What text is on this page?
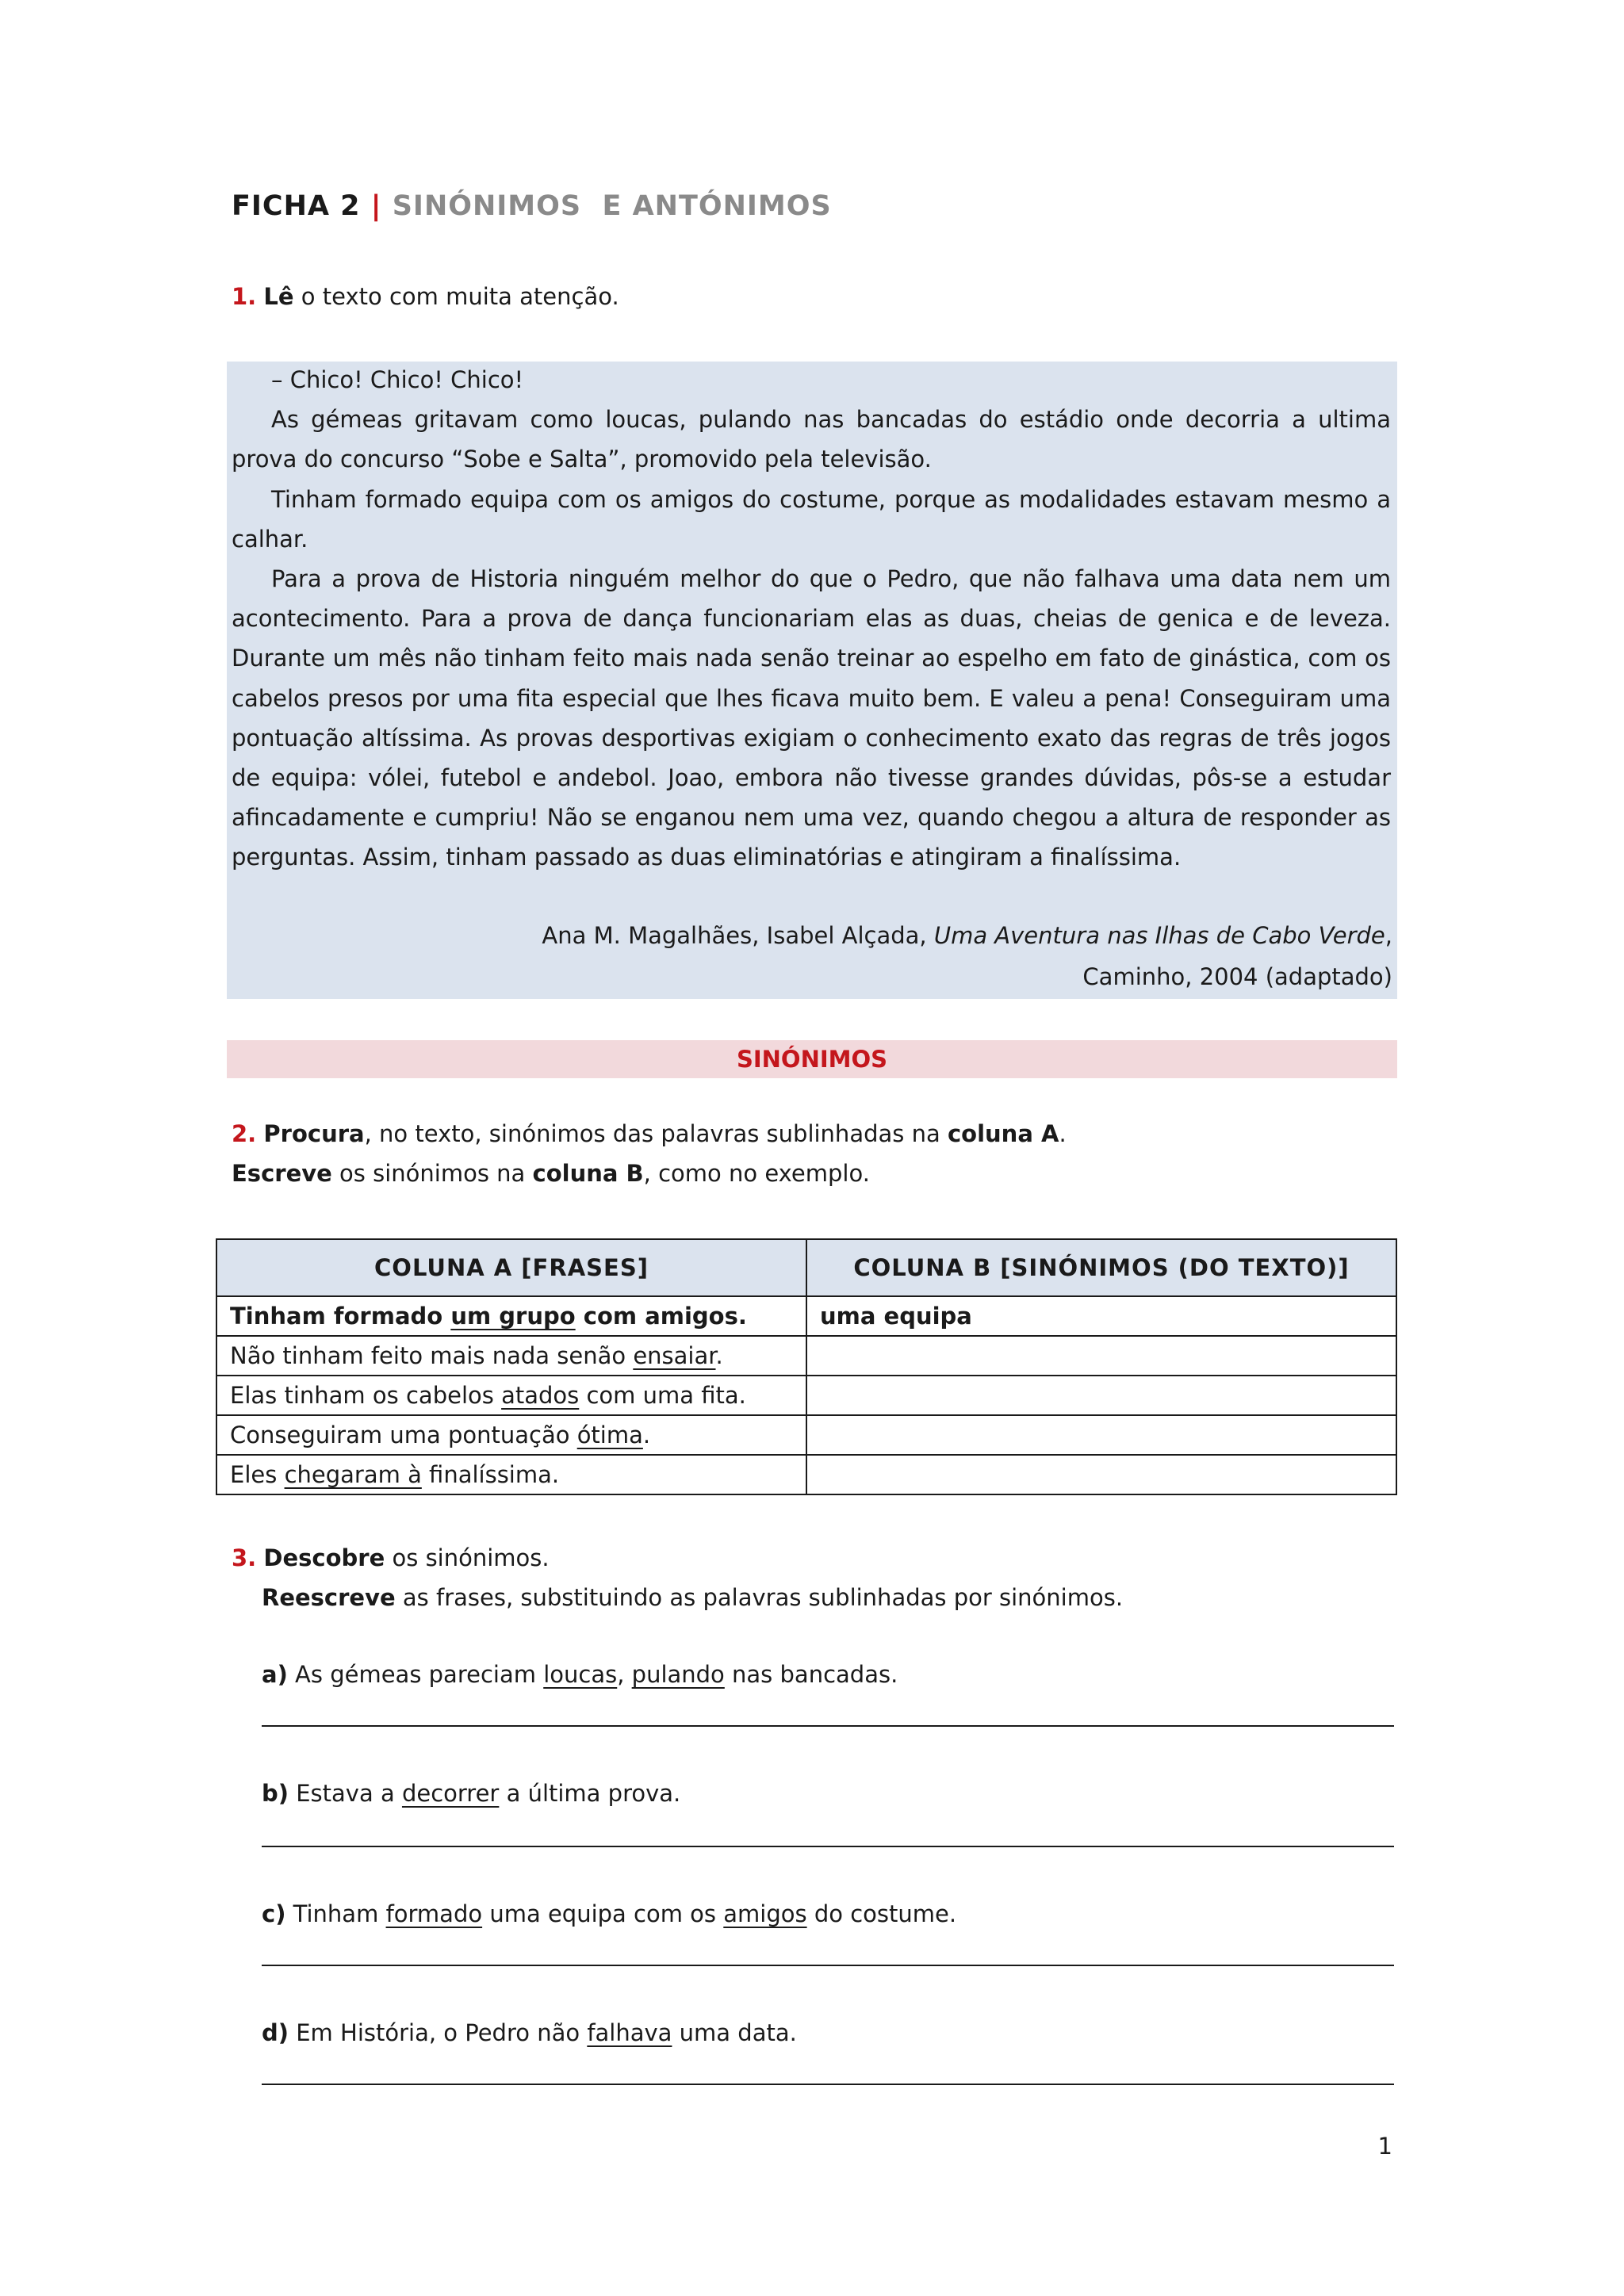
FICHA 2 | SINÓNIMOS  E ANTÓNIMOS
1. Lê o texto com muita atenção.

– Chico! Chico! Chico!

As gémeas gritavam como loucas, pulando nas bancadas do estádio onde decorria a ultima prova do concurso “Sobe e Salta”, promovido pela televisão.

Tinham formado equipa com os amigos do costume, porque as modalidades estavam mesmo a calhar.

Para a prova de Historia ninguém melhor do que o Pedro, que não falhava uma data nem um acontecimento. Para a prova de dança funcionariam elas as duas, cheias de genica e de leveza. Durante um mês não tinham feito mais nada senão treinar ao espelho em fato de ginástica, com os cabelos presos por uma fita especial que lhes ficava muito bem. E valeu a pena! Conseguiram uma pontuação altíssima. As provas desportivas exigiam o conhecimento exato das regras de três jogos de equipa: vólei, futebol e andebol. Joao, embora não tivesse grandes dúvidas, pôs-se a estudar afincadamente e cumpriu! Não se enganou nem uma vez, quando chegou a altura de responder as perguntas. Assim, tinham passado as duas eliminatórias e atingiram a finalíssima.

Ana M. Magalhães, Isabel Alçada, Uma Aventura nas Ilhas de Cabo Verde,
Caminho, 2004 (adaptado)
SINÓNIMOS
2. Procura, no texto, sinónimos das palavras sublinhadas na coluna A.
Escreve os sinónimos na coluna B, como no exemplo.
COLUNA A [FRASES]	COLUNA B [SINÓNIMOS (DO TEXTO)]
Tinham formado um grupo com amigos.	uma equipa
Não tinham feito mais nada senão ensaiar.	
Elas tinham os cabelos atados com uma fita.	
Conseguiram uma pontuação ótima.	
Eles chegaram à finalíssima.	
3. Descobre os sinónimos.
Reescreve as frases, substituindo as palavras sublinhadas por sinónimos.
a) As gémeas pareciam loucas, pulando nas bancadas.
b) Estava a decorrer a última prova.
c) Tinham formado uma equipa com os amigos do costume.
d) Em História, o Pedro não falhava uma data.
1
